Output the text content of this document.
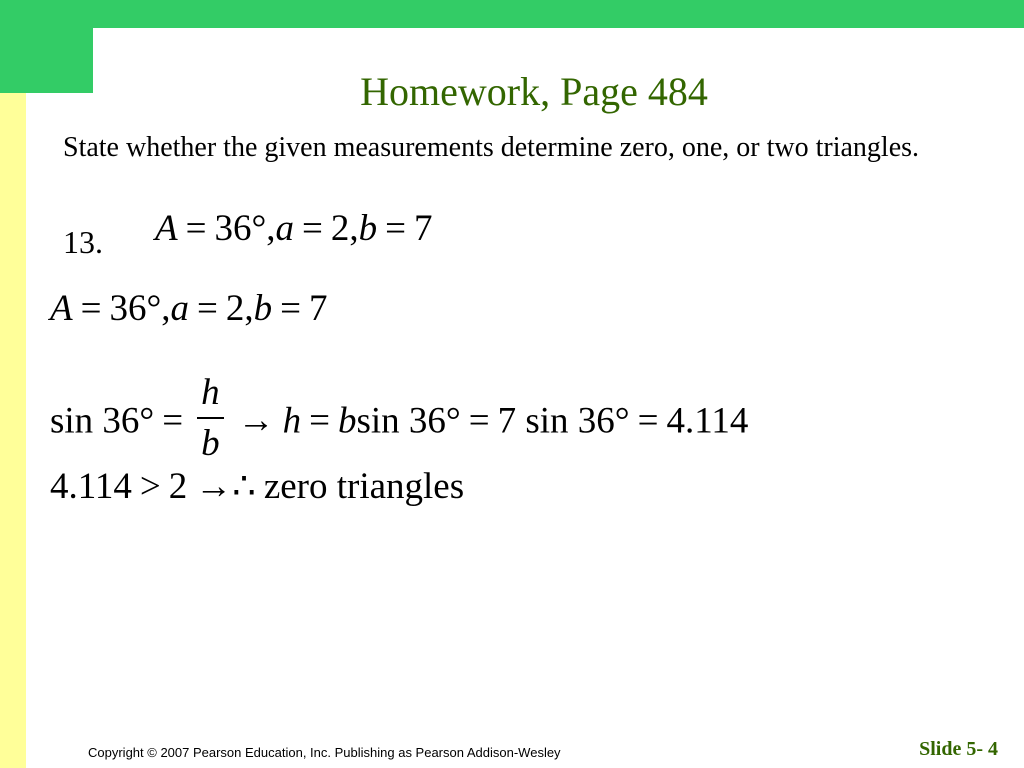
Homework, Page 484
State whether the given measurements determine zero, one, or two triangles.
13. A = 36°,a = 2,b = 7
A = 36°,a = 2,b = 7
$\sin 36^\circ = \frac{h}{b} \to h = bsin$ 36° = 7 sin 36° = 4.114
4.114 > 2 →∴ zero triangles
Copyright © 2007 Pearson Education, Inc. Publishing as Pearson Addison-Wesley	Slide 5- 4
